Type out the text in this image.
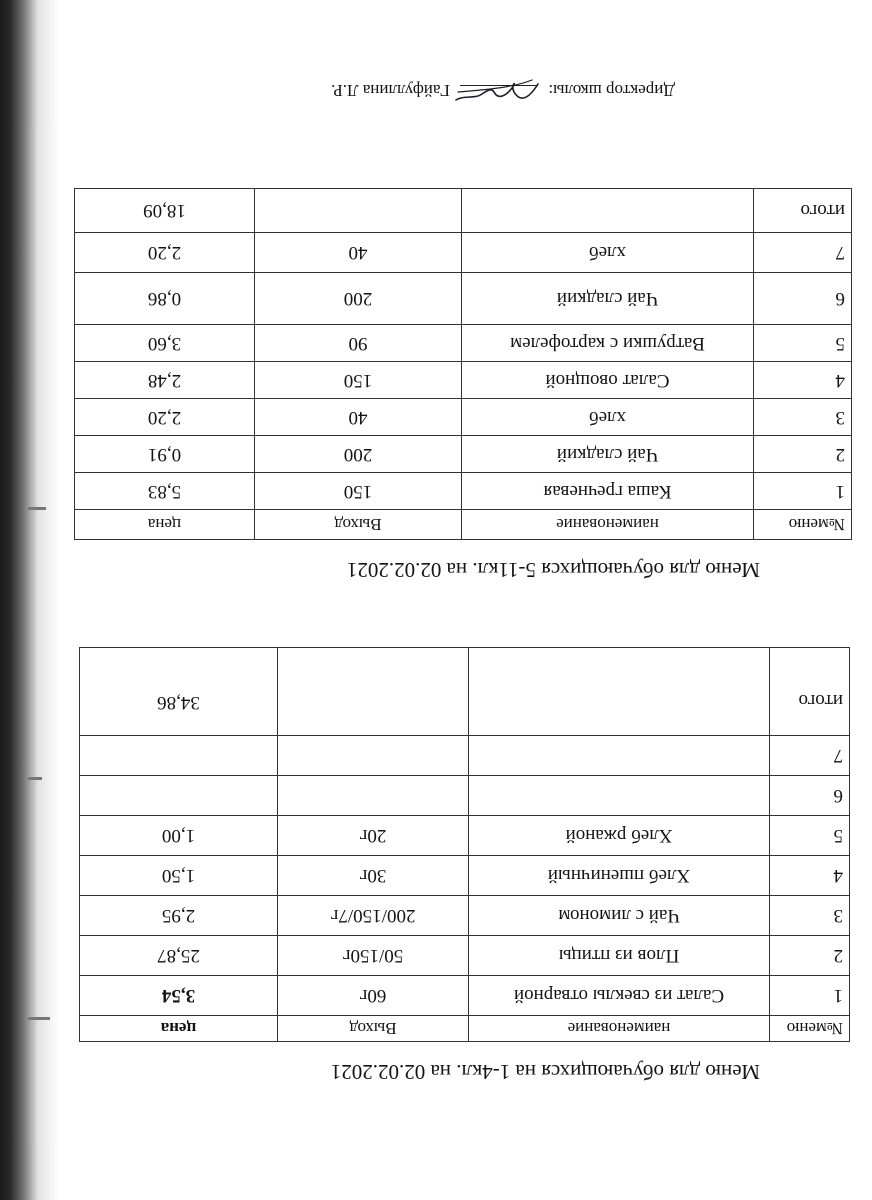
Меню для обучающихся на 1-4кл. на 02.02.2021
№меню	наименование	Выход	цена
1	Салат из свеклы отварной	60г	3,54
2	Плов из птицы	50/150г	25,87
3	Чай с лимоном	200/150/7г	2,95
4	Хлеб пшеничный	30г	1,50
5	Хлеб ржаной	20г	1,00
6			
7			
итого			34,86
Меню для обучающихся 5-11кл. на 02.02.2021
№меню	наименование	Выход	цена
1	Каша гречневая	150	5,83
2	Чай сладкий	200	0,91
3	хлеб	40	2,20
4	Салат овощной	150	2,48
5	Ватрушки с картофелем	90	3,60
6	Чай сладкий	200	0,86
7	хлеб	40	2,20
итого			18,09
Директор школы:
Гайфуллина Л.Р.
